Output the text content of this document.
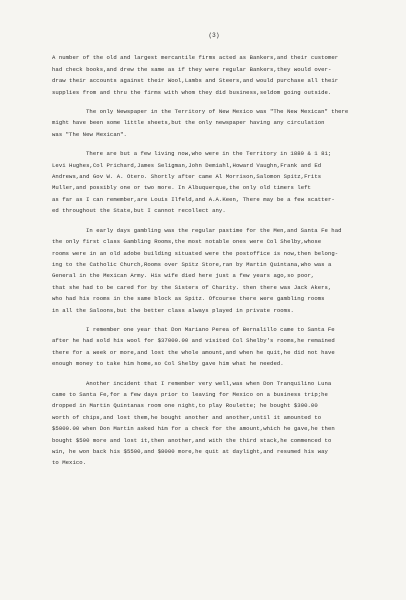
(3)
A number of the old and largest mercantile firms acted as Bankers,and their customer
had check books,and drew the same as if they were regular Bankers,they would over-
draw their accounts against their Wool,Lambs and Steers,and would purchase all their
supplies from and thru the firms with whom they did business,seldom going outside.
The only Newspaper in the Territory of New Mexico was "The New Mexican" there
might have been some little sheets,but the only newspaper having any circulation
was "The New Mexican".
There are but a few living now,who were in the Territory in 1880 & 1 81;
Levi Hughes,Col Prichard,James Seligman,John Demiahl,Howard Vaughn,Frank and Ed
Andrews,and Gov W. A. Otero. Shortly after came Al Morrison,Salomon Spitz,Frits
Muller,and possibly one or two more. In Albuquerque,the only old timers left
as far as I can remember,are Louis Ilfeld,and A.A.Keen, There may be a few scatter-
ed throughout the State,but I cannot recollect any.
In early days gambling was the regular pastime for the Men,and Santa Fe had
the only first class Gambling Rooms,the most notable ones were Col Shelby,whose
rooms were in an old adobe building situated were the postoffice is now,then belong-
ing to the Catholic Church,Rooms over Spitz Store,ran by Martin Quintana,who was a
General in the Mexican Army. His wife died here just a few years ago,so poor,
that she had to be cared for by the Sisters of Charity. then there was Jack Akers,
who had his rooms in the same block as Spitz. Ofcourse there were gambling rooms
in all the Saloons,but the better class always played in private rooms.
I remember one year that Don Mariano Perea of Bernalillo came to Santa Fe
after he had sold his wool for $37000.00 and visited Col Shelby's rooms,he remained
there for a week or more,and lost the whole amount,and when he quit,he did not have
enough money to take him home,so Col Shelby gave him what he needed.
Another incident that I remember very well,was when Don Tranquilino Luna
came to Santa Fe,for a few days prior to leaving for Mexico on a business trip;he
dropped in Martin Quintanas room one night,to play Roulette; he bought $300.00
worth of chips,and lost them,he bought another and another,until it amounted to
$5000.00 when Don Martin asked him for a check for the amount,which he gave,he then
bought $500 more and lost it,then another,and with the third stack,he commenced to
win, he won back his $5500,and $8000 more,he quit at daylight,and resumed his way
to Mexico.
